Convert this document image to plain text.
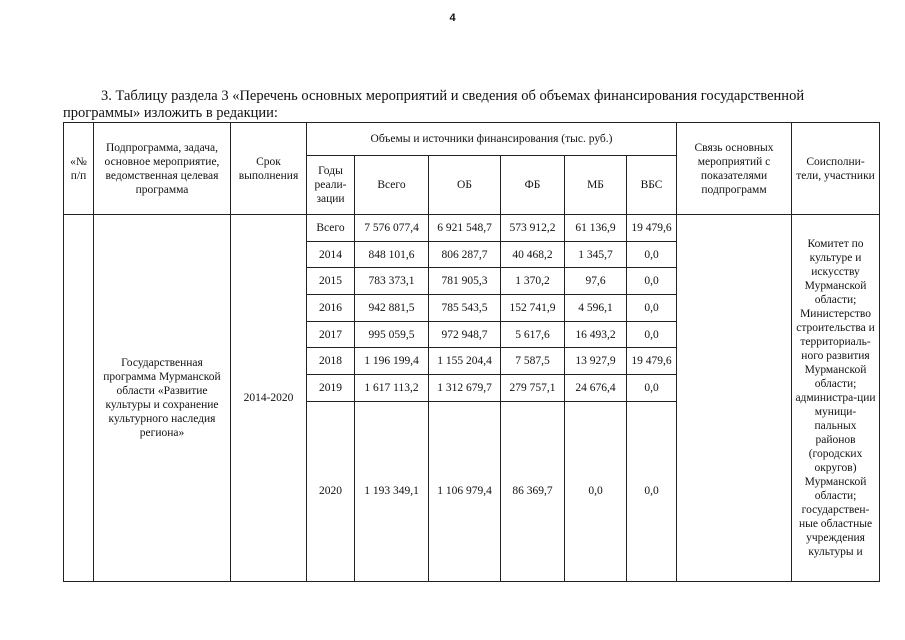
4
3. Таблицу раздела 3 «Перечень основных мероприятий и сведения об объемах финансирования государственной
программы» изложить в редакции:
«№ п/п	Подпрограмма, задача, основное мероприятие, ведомственная целевая программа	Срок выполнения	Объемы и источники финансирования (тыс. руб.)						Связь основных мероприятий с показателями подпрограмм	Соисполни-тели, участники
			Годы реали-зации	Всего	ОБ	ФБ	МБ	ВБС		
	Государственная программа Мурманской области «Развитие культуры и сохранение культурного наследия региона»	2014-2020	Всего	7 576 077,4	6 921 548,7	573 912,2	61 136,9	19 479,6		Комитет по культуре и искусству Мурманской области; Министерство строительства и территориаль-ного развития Мурманской области; администра-ции муници-пальных районов (городских округов) Мурманской области; государствен-ные областные учреждения культуры и
			2014	848 101,6	806 287,7	40 468,2	1 345,7	0,0		
			2015	783 373,1	781 905,3	1 370,2	97,6	0,0		
			2016	942 881,5	785 543,5	152 741,9	4 596,1	0,0		
			2017	995 059,5	972 948,7	5 617,6	16 493,2	0,0		
			2018	1 196 199,4	1 155 204,4	7 587,5	13 927,9	19 479,6		
			2019	1 617 113,2	1 312 679,7	279 757,1	24 676,4	0,0		
			2020	1 193 349,1	1 106 979,4	86 369,7	0,0	0,0		
